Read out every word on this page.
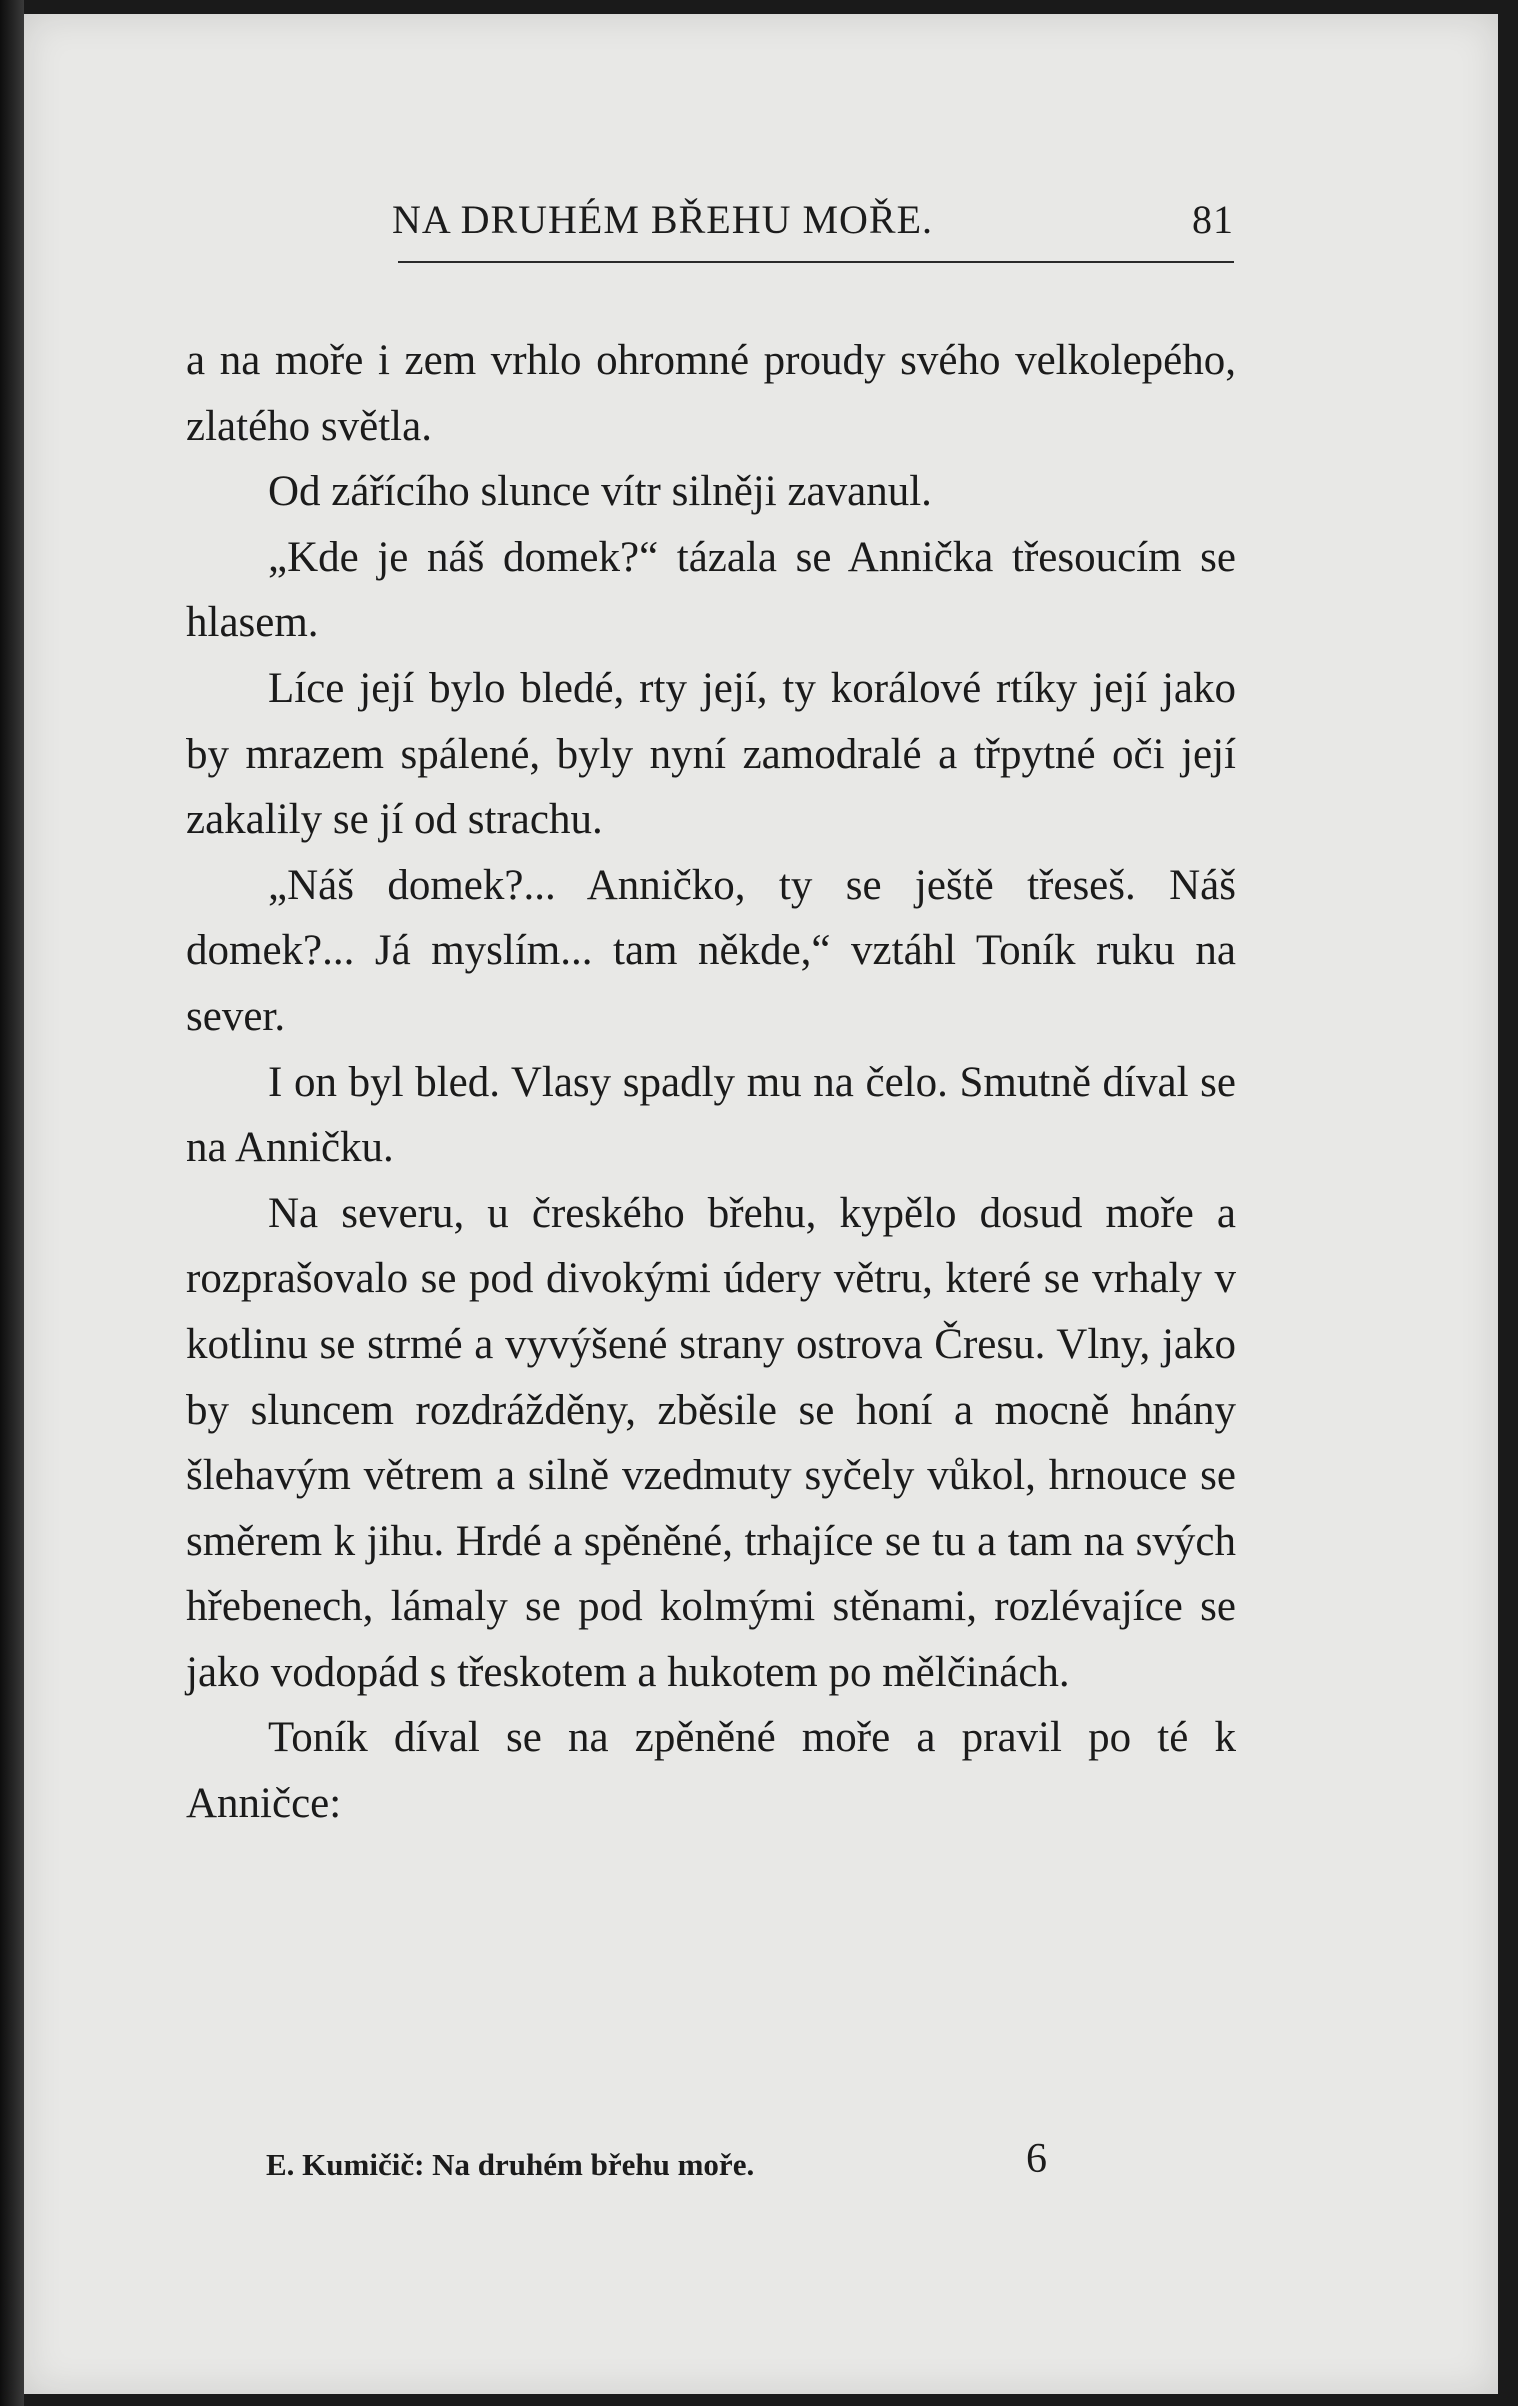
NA DRUHÉM BŘEHU MOŘE.	81

a na moře i zem vrhlo ohromné proudy svého velkolepého, zlatého světla.

Od zářícího slunce vítr silněji zavanul.

„Kde je náš domek?“ tázala se Annička třesoucím se hlasem.

Líce její bylo bledé, rty její, ty korálové rtíky její jako by mrazem spálené, byly nyní zamodralé a třpytné oči její zakalily se jí od strachu.

„Náš domek?... Anničko, ty se ještě třeseš. Náš domek?... Já myslím... tam někde,“ vztáhl Toník ruku na sever.

I on byl bled. Vlasy spadly mu na čelo. Smutně díval se na Anničku.

Na severu, u čreského břehu, kypělo dosud moře a rozprašovalo se pod divokými údery větru, které se vrhaly v kotlinu se strmé a vyvýšené strany ostrova Čresu. Vlny, jako by sluncem rozdrážděny, zběsile se honí a mocně hnány šlehavým větrem a silně vzedmuty syčely vůkol, hrnouce se směrem k jihu. Hrdé a spěněné, trhajíce se tu a tam na svých hřebenech, lámaly se pod kolmými stěnami, rozlévajíce se jako vodopád s třeskotem a hukotem po mělčinách.

Toník díval se na zpěněné moře a pravil po té k Anničce:

E. Kumičič: Na druhém břehu moře.	6
